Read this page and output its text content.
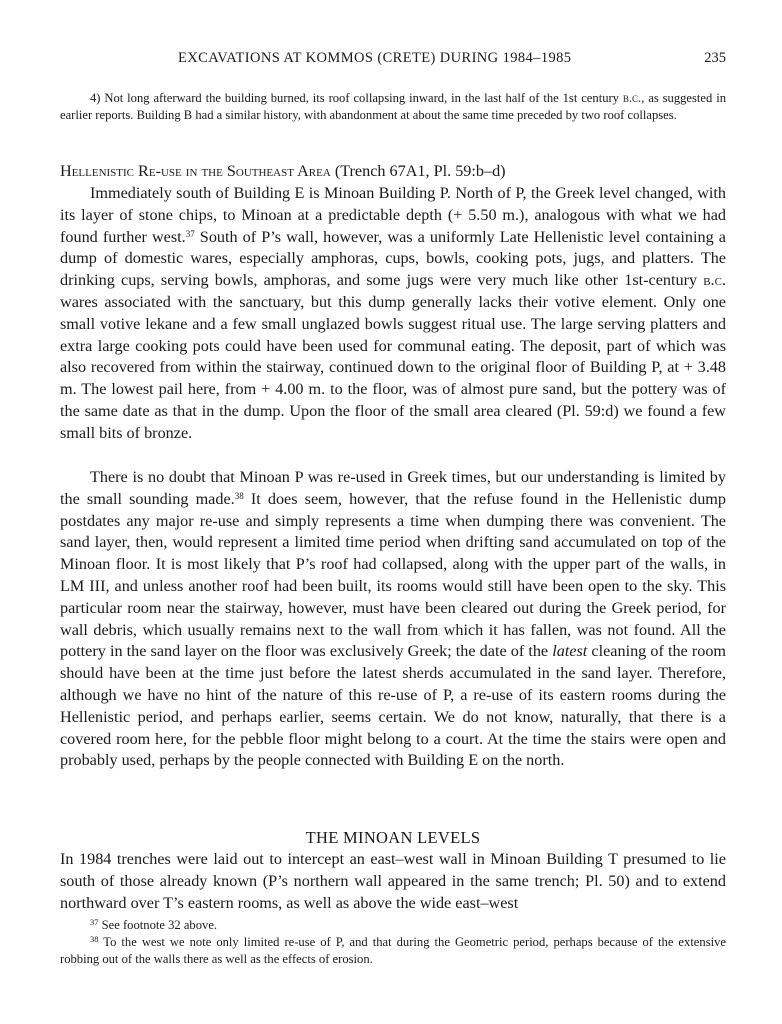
EXCAVATIONS AT KOMMOS (CRETE) DURING 1984–1985	235

4) Not long afterward the building burned, its roof collapsing inward, in the last half of the 1st century b.c., as suggested in earlier reports. Building B had a similar history, with abandonment at about the same time preceded by two roof collapses.

Hellenistic Re-use in the Southeast Area (Trench 67A1, Pl. 59:b–d)

Immediately south of Building E is Minoan Building P. North of P, the Greek level changed, with its layer of stone chips, to Minoan at a predictable depth (+ 5.50 m.), analogous with what we had found further west.$^{37}$ South of P’s wall, however, was a uniformly Late Hellenistic level containing a dump of domestic wares, especially amphoras, cups, bowls, cooking pots, jugs, and platters. The drinking cups, serving bowls, amphoras, and some jugs were very much like other 1st-century b.c. wares associated with the sanctuary, but this dump generally lacks their votive element. Only one small votive lekane and a few small unglazed bowls suggest ritual use. The large serving platters and extra large cooking pots could have been used for communal eating. The deposit, part of which was also recovered from within the stairway, continued down to the original floor of Building P, at + 3.48 m. The lowest pail here, from + 4.00 m. to the floor, was of almost pure sand, but the pottery was of the same date as that in the dump. Upon the floor of the small area cleared (Pl. 59:d) we found a few small bits of bronze.

There is no doubt that Minoan P was re-used in Greek times, but our understanding is limited by the small sounding made.$^{38}$ It does seem, however, that the refuse found in the Hellenistic dump postdates any major re-use and simply represents a time when dumping there was convenient. The sand layer, then, would represent a limited time period when drifting sand accumulated on top of the Minoan floor. It is most likely that P’s roof had collapsed, along with the upper part of the walls, in LM III, and unless another roof had been built, its rooms would still have been open to the sky. This particular room near the stairway, however, must have been cleared out during the Greek period, for wall debris, which usually remains next to the wall from which it has fallen, was not found. All the pottery in the sand layer on the floor was exclusively Greek; the date of the latest cleaning of the room should have been at the time just before the latest sherds accumulated in the sand layer. Therefore, although we have no hint of the nature of this re-use of P, a re-use of its eastern rooms during the Hellenistic period, and perhaps earlier, seems certain. We do not know, naturally, that there is a covered room here, for the pebble floor might belong to a court. At the time the stairs were open and probably used, perhaps by the people connected with Building E on the north.

THE MINOAN LEVELS

In 1984 trenches were laid out to intercept an east–west wall in Minoan Building T presumed to lie south of those already known (P’s northern wall appeared in the same trench; Pl. 50) and to extend northward over T’s eastern rooms, as well as above the wide east–west

$^{37}$ See footnote 32 above.

$^{38}$ To the west we note only limited re-use of P, and that during the Geometric period, perhaps because of the extensive robbing out of the walls there as well as the effects of erosion.
